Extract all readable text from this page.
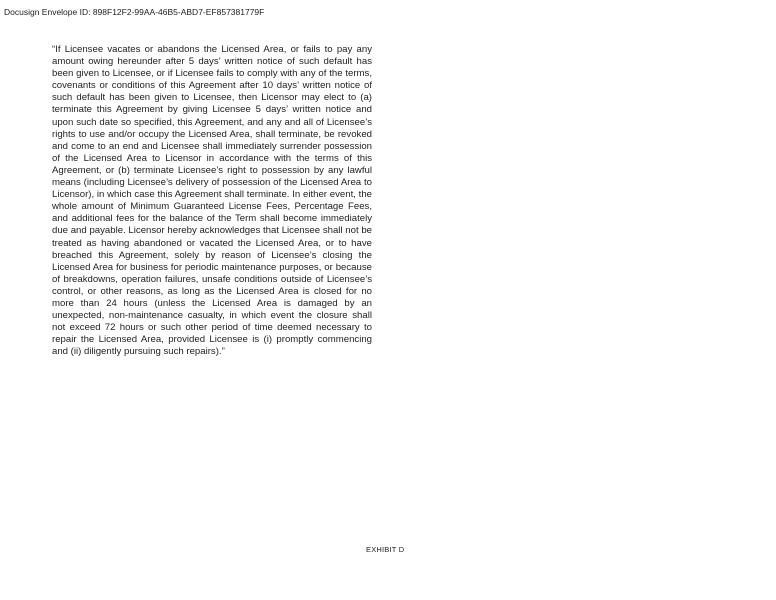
Docusign Envelope ID: 898F12F2-99AA-46B5-ABD7-EF857381779F

“If Licensee vacates or abandons the Licensed Area, or fails to pay any amount owing hereunder after 5 days’ written notice of such default has been given to Licensee, or if Licensee fails to comply with any of the terms, covenants or conditions of this Agreement after 10 days’ written notice of such default has been given to Licensee, then Licensor may elect to (a) terminate this Agreement by giving Licensee 5 days’ written notice and upon such date so specified, this Agreement, and any and all of Licensee’s rights to use and/or occupy the Licensed Area, shall terminate, be revoked and come to an end and Licensee shall immediately surrender possession of the Licensed Area to Licensor in accordance with the terms of this Agreement, or (b) terminate Licensee’s right to possession by any lawful means (including Licensee’s delivery of possession of the Licensed Area to Licensor), in which case this Agreement shall terminate. In either event, the whole amount of Minimum Guaranteed License Fees, Percentage Fees, and additional fees for the balance of the Term shall become immediately due and payable. Licensor hereby acknowledges that Licensee shall not be treated as having abandoned or vacated the Licensed Area, or to have breached this Agreement, solely by reason of Licensee’s closing the Licensed Area for business for periodic maintenance purposes, or because of breakdowns, operation failures, unsafe conditions outside of Licensee’s control, or other reasons, as long as the Licensed Area is closed for no more than 24 hours (unless the Licensed Area is damaged by an unexpected, non-maintenance casualty, in which event the closure shall not exceed 72 hours or such other period of time deemed necessary to repair the Licensed Area, provided Licensee is (i) promptly commencing and (ii) diligently pursuing such repairs).”

EXHIBIT D
